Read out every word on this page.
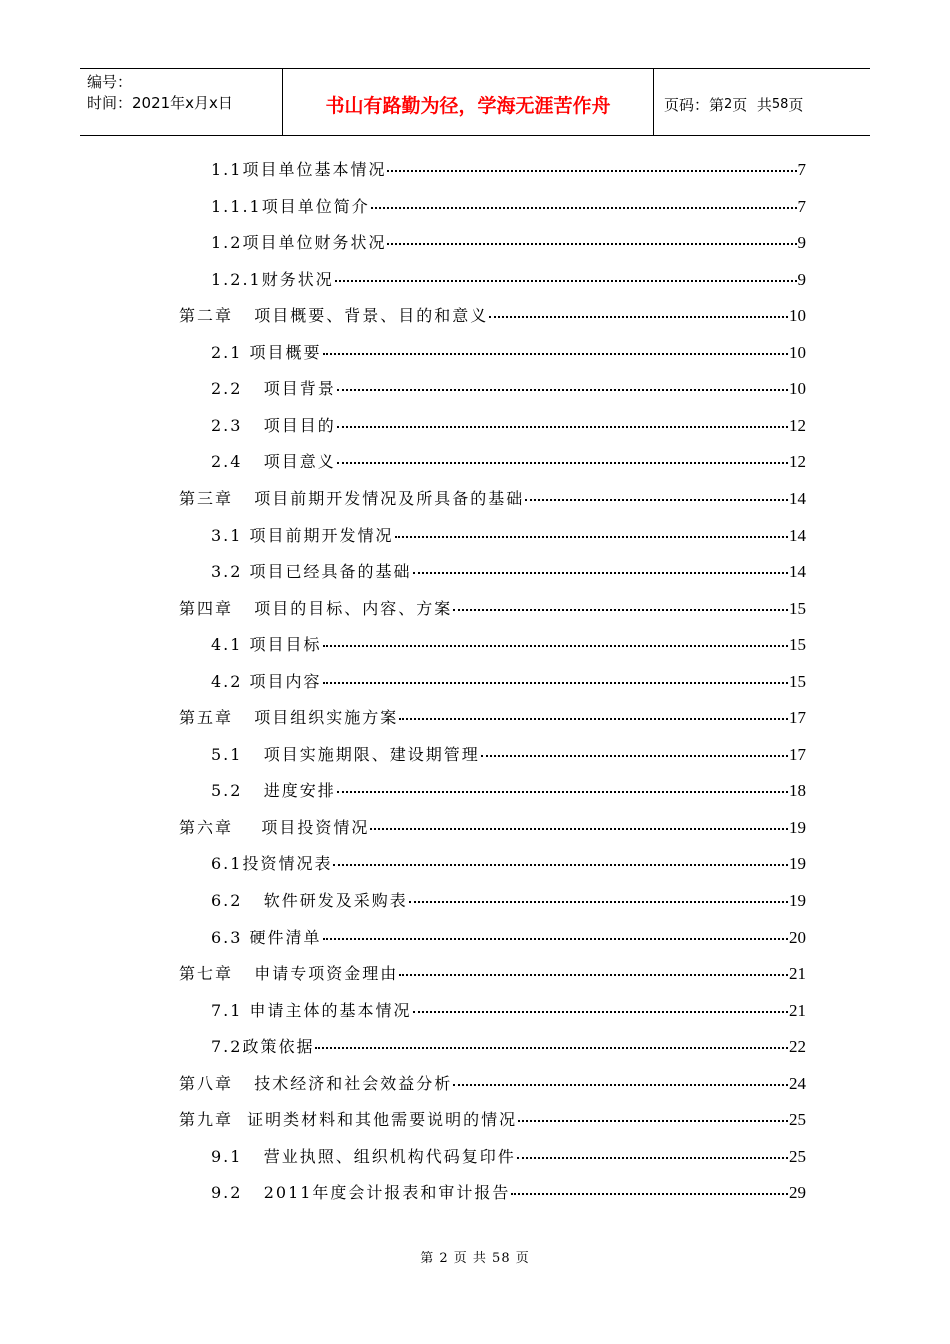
编号：
时间：2021年x月x日	书山有路勤为径，学海无涯苦作舟	页码：第 2 页  共 58 页
1.1项目单位基本情况	7
1.1.1项目单位简介	7
1.2项目单位财务状况	9
1.2.1财务状况	9
第二章   项目概要、背景、目的和意义	10
2.1 项目概要	10
2.2   项目背景	10
2.3   项目目的	12
2.4   项目意义	12
第三章   项目前期开发情况及所具备的基础	14
3.1 项目前期开发情况	14
3.2 项目已经具备的基础	14
第四章   项目的目标、内容、方案	15
4.1 项目目标	15
4.2 项目内容	15
第五章   项目组织实施方案	17
5.1   项目实施期限、建设期管理	17
5.2   进度安排	18
第六章    项目投资情况	19
6.1投资情况表	19
6.2   软件研发及采购表	19
6.3 硬件清单	20
第七章   申请专项资金理由	21
7.1 申请主体的基本情况	21
7.2政策依据	22
第八章   技术经济和社会效益分析	24
第九章  证明类材料和其他需要说明的情况	25
9.1   营业执照、组织机构代码复印件	25
9.2   2011年度会计报表和审计报告	29
第 2 页 共 58 页
